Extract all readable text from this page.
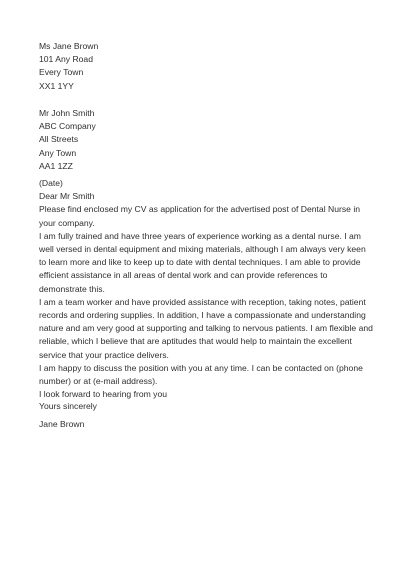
Ms Jane Brown
101 Any Road
Every Town
XX1 1YY
Mr John Smith
ABC Company
All Streets
Any Town
AA1 1ZZ
(Date)
Dear Mr Smith
Please find enclosed my CV as application for the advertised post of Dental Nurse in your company.
I am fully trained and have three years of experience working as a dental nurse. I am well versed in dental equipment and mixing materials, although I am always very keen to learn more and like to keep up to date with dental techniques. I am able to provide efficient assistance in all areas of dental work and can provide references to demonstrate this.
I am a team worker and have provided assistance with reception, taking notes, patient records and ordering supplies. In addition, I have a compassionate and understanding nature and am very good at supporting and talking to nervous patients. I am flexible and reliable, which I believe that are aptitudes that would help to maintain the excellent service that your practice delivers.
I am happy to discuss the position with you at any time. I can be contacted on (phone number) or at (e-mail address).
I look forward to hearing from you
Yours sincerely
Jane Brown
